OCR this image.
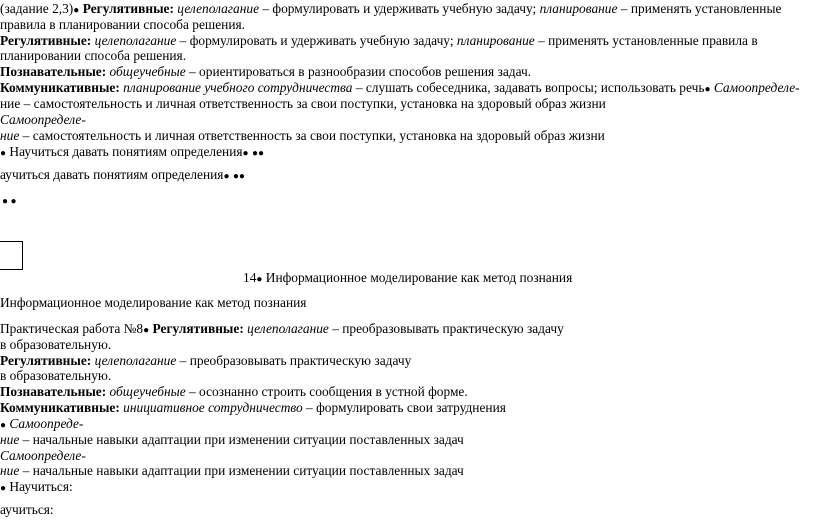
(задание 2,3)● Регулятивные: целеполагание – формулировать и удерживать учебную задачу; планирование – применять установленные
правила в планировании способа решения.
Регулятивные: целеполагание – формулировать и удерживать учебную задачу; планирование – применять установленные правила в
планировании способа решения.
Познавательные: общеучебные – ориентироваться в разнообразии способов решения задач.
Коммуникативные: планирование учебного сотрудничества – слушать собеседника, задавать вопросы; использовать речь● Самоопределе-
ние – самостоятельность и личная ответственность за свои поступки, установка на здоровый образ жизни
Самоопределе-
ние – самостоятельность и личная ответственность за свои поступки, установка на здоровый образ жизни
● Научиться давать понятиям определения● ●●
аучиться давать понятиям определения● ●●
● ●
14● Информационное моделирование как метод познания
Информационное моделирование как метод познания
Практическая работа №8● Регулятивные: целеполагание – преобразовывать практическую задачу
в образовательную.
Регулятивные: целеполагание – преобразовывать практическую задачу
в образовательную.
Познавательные: общеучебные – осознанно строить сообщения в устной форме.
Коммуникативные: инициативное сотрудничество – формулировать свои затруднения
● Самоопреде-
ние – начальные навыки адаптации при изменении ситуации поставленных задач
Самоопределе-
ние – начальные навыки адаптации при изменении ситуации поставленных задач
● Научиться:
аучиться:
